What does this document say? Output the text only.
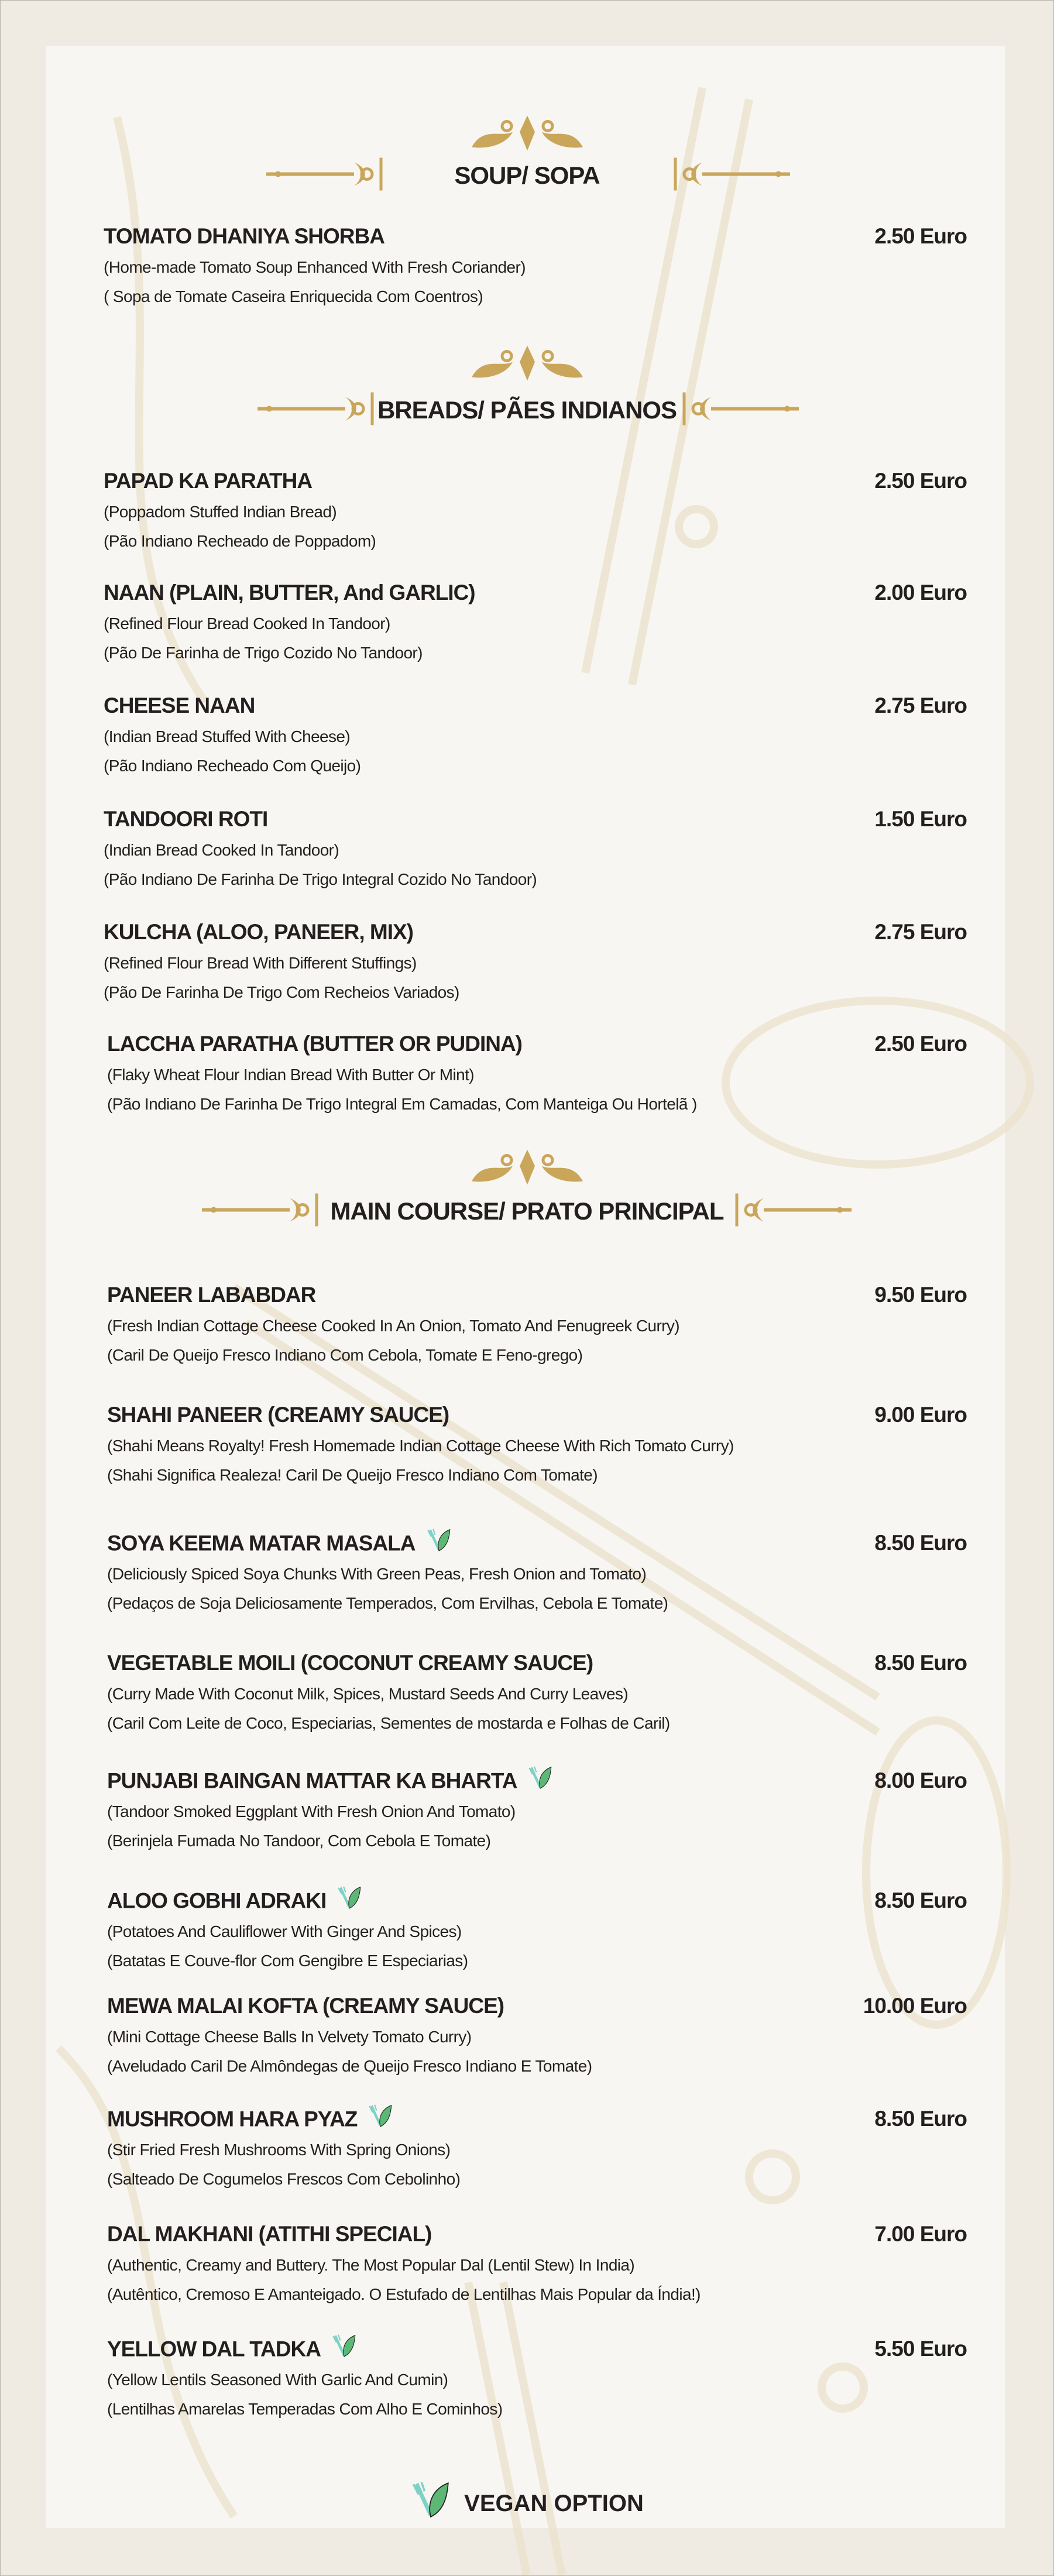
SOUP/ SOPA
TOMATO DHANIYA SHORBA	2.50 Euro
(Home-made Tomato Soup Enhanced With Fresh Coriander)
( Sopa de Tomate Caseira Enriquecida Com Coentros)
BREADS/ PÃES INDIANOS
PAPAD KA PARATHA	2.50 Euro
(Poppadom Stuffed Indian Bread)
(Pão Indiano Recheado de Poppadom)
NAAN (PLAIN, BUTTER, And GARLIC)	2.00 Euro
(Refined Flour Bread Cooked In Tandoor)
(Pão De Farinha de Trigo Cozido No Tandoor)
CHEESE NAAN	2.75 Euro
(Indian Bread Stuffed With Cheese)
(Pão Indiano Recheado Com Queijo)
TANDOORI ROTI	1.50 Euro
(Indian Bread Cooked In Tandoor)
(Pão Indiano De Farinha De Trigo Integral Cozido No Tandoor)
KULCHA (ALOO, PANEER, MIX)	2.75 Euro
(Refined Flour Bread With Different Stuffings)
(Pão De Farinha De Trigo Com Recheios Variados)
LACCHA PARATHA (BUTTER OR PUDINA)	2.50 Euro
(Flaky Wheat Flour Indian Bread With Butter Or Mint)
(Pão Indiano De Farinha De Trigo Integral Em Camadas, Com Manteiga Ou Hortelã )
MAIN COURSE/ PRATO PRINCIPAL
PANEER LABABDAR	9.50 Euro
(Fresh Indian Cottage Cheese Cooked In An Onion, Tomato And Fenugreek Curry)
(Caril De Queijo Fresco Indiano Com Cebola, Tomate E Feno-grego)
SHAHI PANEER (CREAMY SAUCE)	9.00 Euro
(Shahi Means Royalty! Fresh Homemade Indian Cottage Cheese With Rich Tomato Curry)
(Shahi Significa Realeza! Caril De Queijo Fresco Indiano Com Tomate)
SOYA KEEMA MATAR MASALA	8.50 Euro
(Deliciously Spiced Soya Chunks With Green Peas, Fresh Onion and Tomato)
(Pedaços de Soja Deliciosamente Temperados, Com Ervilhas, Cebola E Tomate)
VEGETABLE MOILI (COCONUT CREAMY SAUCE)	8.50 Euro
(Curry Made With Coconut Milk, Spices, Mustard Seeds And Curry Leaves)
(Caril Com Leite de Coco, Especiarias, Sementes de mostarda e Folhas de Caril)
PUNJABI BAINGAN MATTAR KA BHARTA	8.00 Euro
(Tandoor Smoked Eggplant With Fresh Onion And Tomato)
(Berinjela Fumada No Tandoor, Com Cebola E Tomate)
ALOO GOBHI ADRAKI	8.50 Euro
(Potatoes And Cauliflower With Ginger And Spices)
(Batatas E Couve-flor Com Gengibre E Especiarias)
MEWA MALAI KOFTA (CREAMY SAUCE)	10.00 Euro
(Mini Cottage Cheese Balls In Velvety Tomato Curry)
(Aveludado Caril De Almôndegas de Queijo Fresco Indiano E Tomate)
MUSHROOM HARA PYAZ	8.50 Euro
(Stir Fried Fresh Mushrooms With Spring Onions)
(Salteado De Cogumelos Frescos Com Cebolinho)
DAL MAKHANI (ATITHI SPECIAL)	7.00 Euro
(Authentic, Creamy and Buttery. The Most Popular Dal (Lentil Stew) In India)
(Autêntico, Cremoso E Amanteigado. O Estufado de Lentilhas Mais Popular da Índia!)
YELLOW DAL TADKA	5.50 Euro
(Yellow Lentils Seasoned With Garlic And Cumin)
(Lentilhas Amarelas Temperadas Com Alho E Cominhos)
VEGAN OPTION
